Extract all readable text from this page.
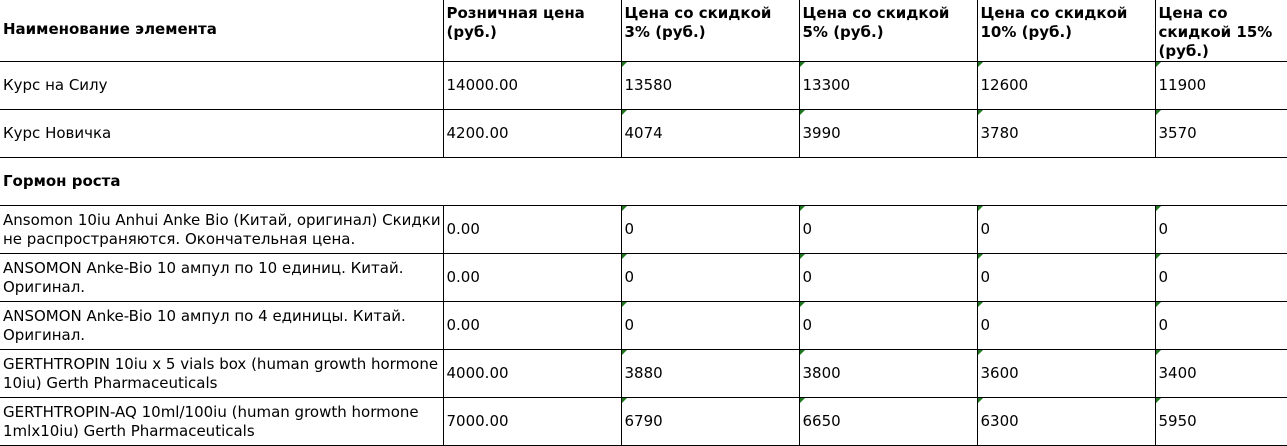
Наименование элемента	Розничная цена (руб.)	Цена со скидкой 3% (руб.)	Цена со скидкой 5% (руб.)	Цена со скидкой 10% (руб.)	Цена со скидкой 15% (руб.)
Курс на Силу	14000.00	13580	13300	12600	11900
Курс Новичка	4200.00	4074	3990	3780	3570
Гормон роста					
Ansomon 10iu Anhui Anke Bio (Китай, оригинал) Скидки не распространяются. Окончательная цена.	0.00	0	0	0	0
ANSOMON Anke-Bio 10 ампул по 10 единиц. Китай. Оригинал.	0.00	0	0	0	0
ANSOMON Anke-Bio 10 ампул по 4 единицы. Китай. Оригинал.	0.00	0	0	0	0
GERTHTROPIN 10iu x 5 vials box (human growth hormone 10iu) Gerth Pharmaceuticals	4000.00	3880	3800	3600	3400
GERTHTROPIN-AQ 10ml/100iu (human growth hormone 1mlx10iu) Gerth Pharmaceuticals	7000.00	6790	6650	6300	5950
